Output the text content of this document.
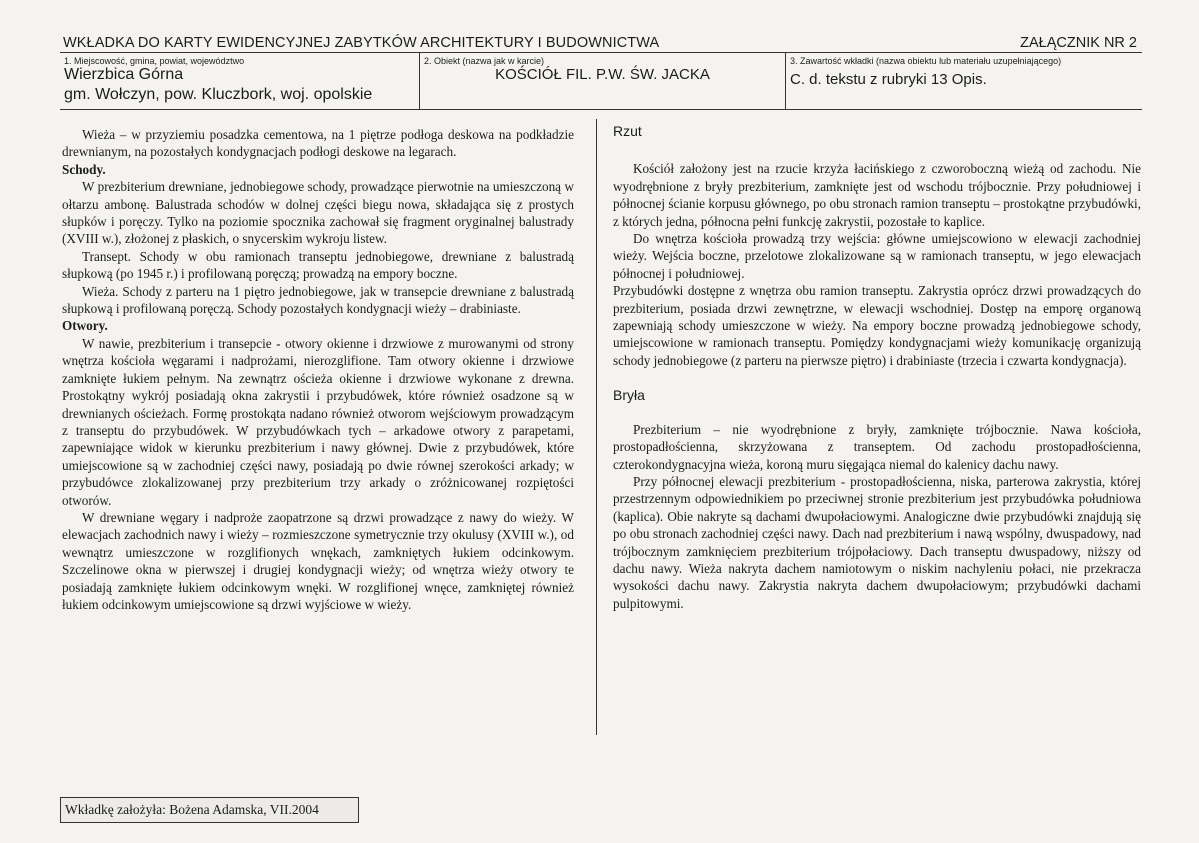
WKŁADKA DO KARTY EWIDENCYJNEJ ZABYTKÓW ARCHITEKTURY I BUDOWNICTWA	ZAŁĄCZNIK NR 2
1. Miejscowość, gmina, powiat, województwo
Wierzbica Górna
gm. Wołczyn, pow. Kluczbork, woj. opolskie
2. Obiekt (nazwa jak w karcie)
KOŚCIÓŁ FIL. P.W. ŚW. JACKA
3. Zawartość wkładki (nazwa obiektu lub materiału uzupełniającego)
C. d. tekstu z rubryki 13 Opis.

Wieża – w przyziemiu posadzka cementowa, na 1 piętrze podłoga deskowa na podkładzie drewnianym, na pozostałych kondygnacjach podłogi deskowe na legarach.

Schody.

W prezbiterium drewniane, jednobiegowe schody, prowadzące pierwotnie na umieszczoną w ołtarzu ambonę. Balustrada schodów w dolnej części biegu nowa, składająca się z prostych słupków i poręczy. Tylko na poziomie spocznika zachował się fragment oryginalnej balustrady (XVIII w.), złożonej z płaskich, o snycerskim wykroju listew.

Transept. Schody w obu ramionach transeptu jednobiegowe, drewniane z balustradą słupkową (po 1945 r.) i profilowaną poręczą; prowadzą na empory boczne.

Wieża. Schody z parteru na 1 piętro jednobiegowe, jak w transepcie drewniane z balustradą słupkową i profilowaną poręczą. Schody pozostałych kondygnacji wieży – drabiniaste.

Otwory.

W nawie, prezbiterium i transepcie - otwory okienne i drzwiowe z murowanymi od strony wnętrza kościoła węgarami i nadprożami, nierozglifione. Tam otwory okienne i drzwiowe zamknięte łukiem pełnym. Na zewnątrz ościeża okienne i drzwiowe wykonane z drewna. Prostokątny wykrój posiadają okna zakrystii i przybudówek, które również osadzone są w drewnianych ościeżach. Formę prostokąta nadano również otworom wejściowym prowadzącym z transeptu do przybudówek. W przybudówkach tych – arkadowe otwory z parapetami, zapewniające widok w kierunku prezbiterium i nawy głównej. Dwie z przybudówek, które umiejscowione są w zachodniej części nawy, posiadają po dwie równej szerokości arkady; w przybudówce zlokalizowanej przy prezbiterium trzy arkady o zróżnicowanej rozpiętości otworów.

W drewniane węgary i nadproże zaopatrzone są drzwi prowadzące z nawy do wieży. W elewacjach zachodnich nawy i wieży – rozmieszczone symetrycznie trzy okulusy (XVIII w.), od wewnątrz umieszczone w rozglifionych wnękach, zamkniętych łukiem odcinkowym. Szczelinowe okna w pierwszej i drugiej kondygnacji wieży; od wnętrza wieży otwory te posiadają zamknięte łukiem odcinkowym wnęki. W rozglifionej wnęce, zamkniętej również łukiem odcinkowym umiejscowione są drzwi wyjściowe w wieży.

Rzut

Kościół założony jest na rzucie krzyża łacińskiego z czworoboczną wieżą od zachodu. Nie wyodrębnione z bryły prezbiterium, zamknięte jest od wschodu trójbocznie. Przy południowej i północnej ścianie korpusu głównego, po obu stronach ramion transeptu – prostokątne przybudówki, z których jedna, północna pełni funkcję zakrystii, pozostałe to kaplice.

Do wnętrza kościoła prowadzą trzy wejścia: główne umiejscowiono w elewacji zachodniej wieży. Wejścia boczne, przelotowe zlokalizowane są w ramionach transeptu, w jego elewacjach północnej i południowej.

Przybudówki dostępne z wnętrza obu ramion transeptu. Zakrystia oprócz drzwi prowadzących do prezbiterium, posiada drzwi zewnętrzne, w elewacji wschodniej. Dostęp na emporę organową zapewniają schody umieszczone w wieży. Na empory boczne prowadzą jednobiegowe schody, umiejscowione w ramionach transeptu. Pomiędzy kondygnacjami wieży komunikację organizują schody jednobiegowe (z parteru na pierwsze piętro) i drabiniaste (trzecia i czwarta kondygnacja).

Bryła

Prezbiterium – nie wyodrębnione z bryły, zamknięte trójbocznie. Nawa kościoła, prostopadłościenna, skrzyżowana z transeptem. Od zachodu prostopadłościenna, czterokondygnacyjna wieża, koroną muru sięgająca niemal do kalenicy dachu nawy.

Przy północnej elewacji prezbiterium - prostopadłościenna, niska, parterowa zakrystia, której przestrzennym odpowiednikiem po przeciwnej stronie prezbiterium jest przybudówka południowa (kaplica). Obie nakryte są dachami dwupołaciowymi. Analogiczne dwie przybudówki znajdują się po obu stronach zachodniej części nawy. Dach nad prezbiterium i nawą wspólny, dwuspadowy, nad trójbocznym zamknięciem prezbiterium trójpołaciowy. Dach transeptu dwuspadowy, niższy od dachu nawy. Wieża nakryta dachem namiotowym o niskim nachyleniu połaci, nie przekracza wysokości dachu nawy. Zakrystia nakryta dachem dwupołaciowym; przybudówki dachami pulpitowymi.

Wkładkę założyła: Bożena Adamska, VII.2004
